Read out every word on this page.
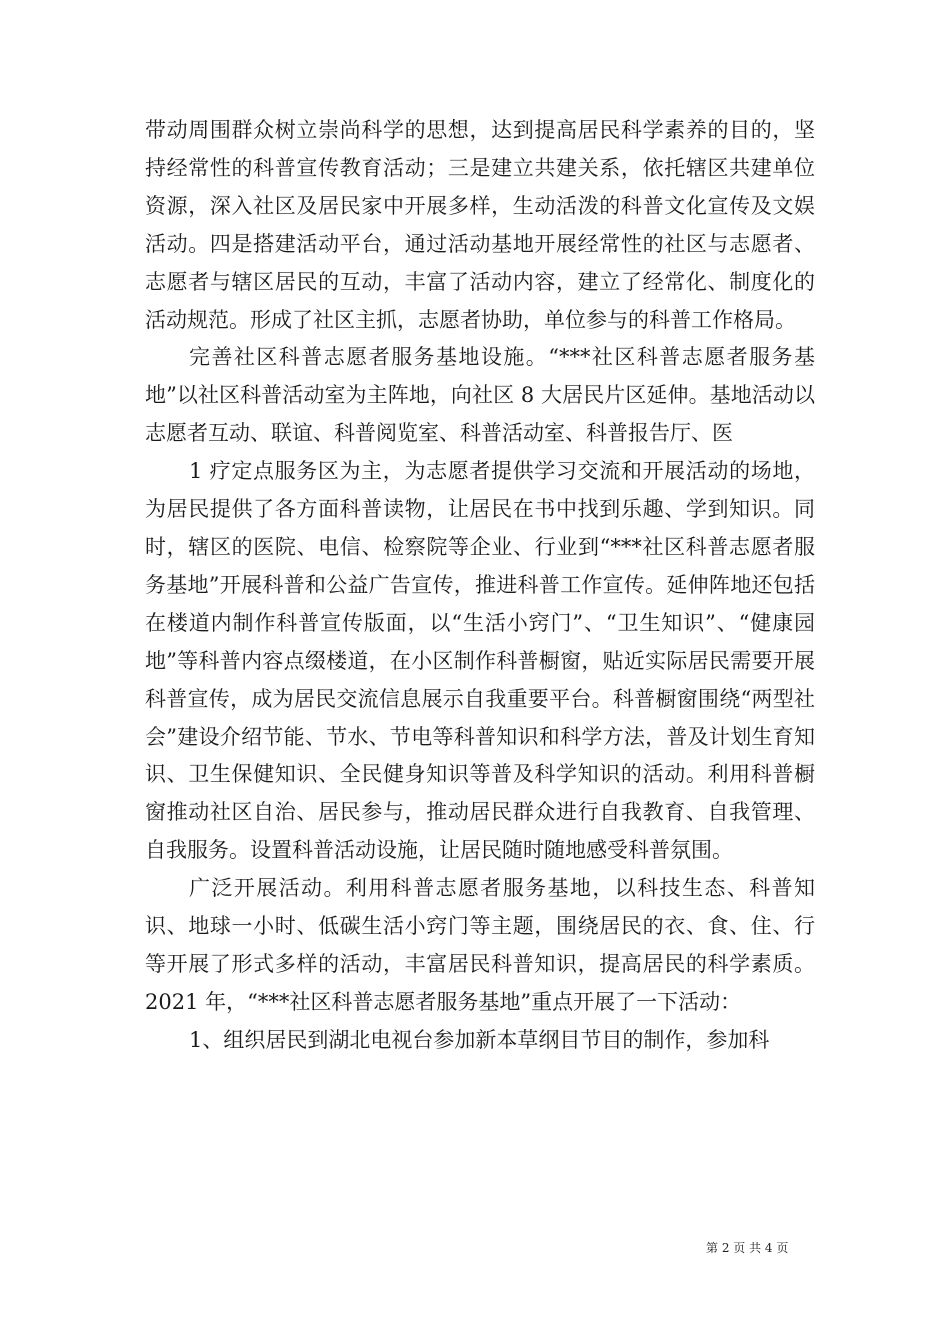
带动周围群众树立崇尚科学的思想，达到提高居民科学素养的目的，坚持经常性的科普宣传教育活动；三是建立共建关系，依托辖区共建单位资源，深入社区及居民家中开展多样，生动活泼的科普文化宣传及文娱活动。四是搭建活动平台，通过活动基地开展经常性的社区与志愿者、志愿者与辖区居民的互动，丰富了活动内容，建立了经常化、制度化的活动规范。形成了社区主抓，志愿者协助，单位参与的科普工作格局。

完善社区科普志愿者服务基地设施。“***社区科普志愿者服务基地”以社区科普活动室为主阵地，向社区 8 大居民片区延伸。基地活动以志愿者互动、联谊、科普阅览室、科普活动室、科普报告厅、医

1 疗定点服务区为主，为志愿者提供学习交流和开展活动的场地，为居民提供了各方面科普读物，让居民在书中找到乐趣、学到知识。同时，辖区的医院、电信、检察院等企业、行业到“***社区科普志愿者服务基地”开展科普和公益广告宣传，推进科普工作宣传。延伸阵地还包括在楼道内制作科普宣传版面，以“生活小窍门”、“卫生知识”、“健康园地”等科普内容点缀楼道，在小区制作科普橱窗，贴近实际居民需要开展科普宣传，成为居民交流信息展示自我重要平台。科普橱窗围绕“两型社会”建设介绍节能、节水、节电等科普知识和科学方法，普及计划生育知识、卫生保健知识、全民健身知识等普及科学知识的活动。利用科普橱窗推动社区自治、居民参与，推动居民群众进行自我教育、自我管理、自我服务。设置科普活动设施，让居民随时随地感受科普氛围。

广泛开展活动。利用科普志愿者服务基地，以科技生态、科普知识、地球一小时、低碳生活小窍门等主题，围绕居民的衣、食、住、行等开展了形式多样的活动，丰富居民科普知识，提高居民的科学素质。2021 年，“***社区科普志愿者服务基地”重点开展了一下活动：

1、组织居民到湖北电视台参加新本草纲目节目的制作，参加科

第 2 页 共 4 页
